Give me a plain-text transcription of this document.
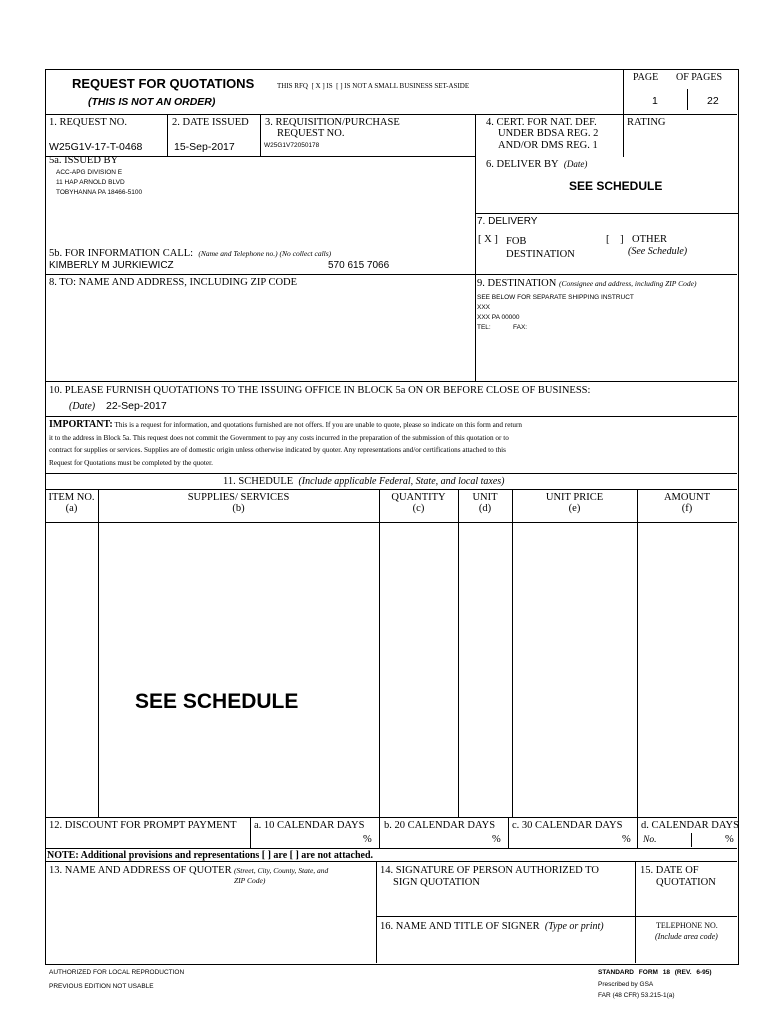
REQUEST FOR QUOTATIONS
(THIS IS NOT AN ORDER)
THIS RFQ [ X ] IS [ ] IS NOT A SMALL BUSINESS SET-ASIDE
PAGE OF PAGES
1	22
1. REQUEST NO.
W25G1V-17-T-0468
2. DATE ISSUED
15-Sep-2017
3. REQUISITION/PURCHASE
REQUEST NO.
W25G1V72050178
4. CERT. FOR NAT. DEF.
UNDER BDSA REG. 2
AND/OR DMS REG. 1
RATING
5a. ISSUED BY
ACC-APG DIVISION E
11 HAP ARNOLD BLVD
TOBYHANNA PA 18466-5100
6. DELIVER BY (Date)
SEE SCHEDULE
7. DELIVERY
[ X ] FOB
DESTINATION
[ ] OTHER
(See Schedule)
5b. FOR INFORMATION CALL: (Name and Telephone no.) (No collect calls)
KIMBERLY M JURKIEWICZ	570 615 7066
8. TO: NAME AND ADDRESS, INCLUDING ZIP CODE	9. DESTINATION (Consignee and address, including ZIP Code)
SEE BELOW FOR SEPARATE SHIPPING INSTRUCT
XXX
XXX PA 00000
TEL:	FAX:
10. PLEASE FURNISH QUOTATIONS TO THE ISSUING OFFICE IN BLOCK 5a ON OR BEFORE CLOSE OF BUSINESS:
(Date) 22-Sep-2017
IMPORTANT: This is a request for information, and quotations furnished are not offers. If you are unable to quote, please so indicate on this form and return
it to the address in Block 5a. This request does not commit the Government to pay any costs incurred in the preparation of the submission of this quotation or to
contract for supplies or services. Supplies are of domestic origin unless otherwise indicated by quoter. Any representations and/or certifications attached to this
Request for Quotations must be completed by the quoter.
11. SCHEDULE (Include applicable Federal, State, and local taxes)
ITEM NO.
(a)
SUPPLIES/ SERVICES
(b)
QUANTITY
(c)
UNIT
(d)
UNIT PRICE
(e)
AMOUNT
(f)
SEE SCHEDULE
12. DISCOUNT FOR PROMPT PAYMENT a. 10 CALENDAR DAYS
%
b. 20 CALENDAR DAYS
%
c. 30 CALENDAR DAYS
%
d. CALENDAR DAYS
No.	%
NOTE: Additional provisions and representations [ ] are [ ] are not attached.
13. NAME AND ADDRESS OF QUOTER (Street, City, County, State, and
ZIP Code)
14. SIGNATURE OF PERSON AUTHORIZED TO
SIGN QUOTATION
15. DATE OF
QUOTATION
16. NAME AND TITLE OF SIGNER (Type or print)	TELEPHONE NO.
(Include area code)
AUTHORIZED FOR LOCAL REPRODUCTION
PREVIOUS EDITION NOT USABLE
STANDARD FORM 18 (REV. 6-95)
Prescribed by GSA
FAR (48 CFR) 53.215-1(a)
